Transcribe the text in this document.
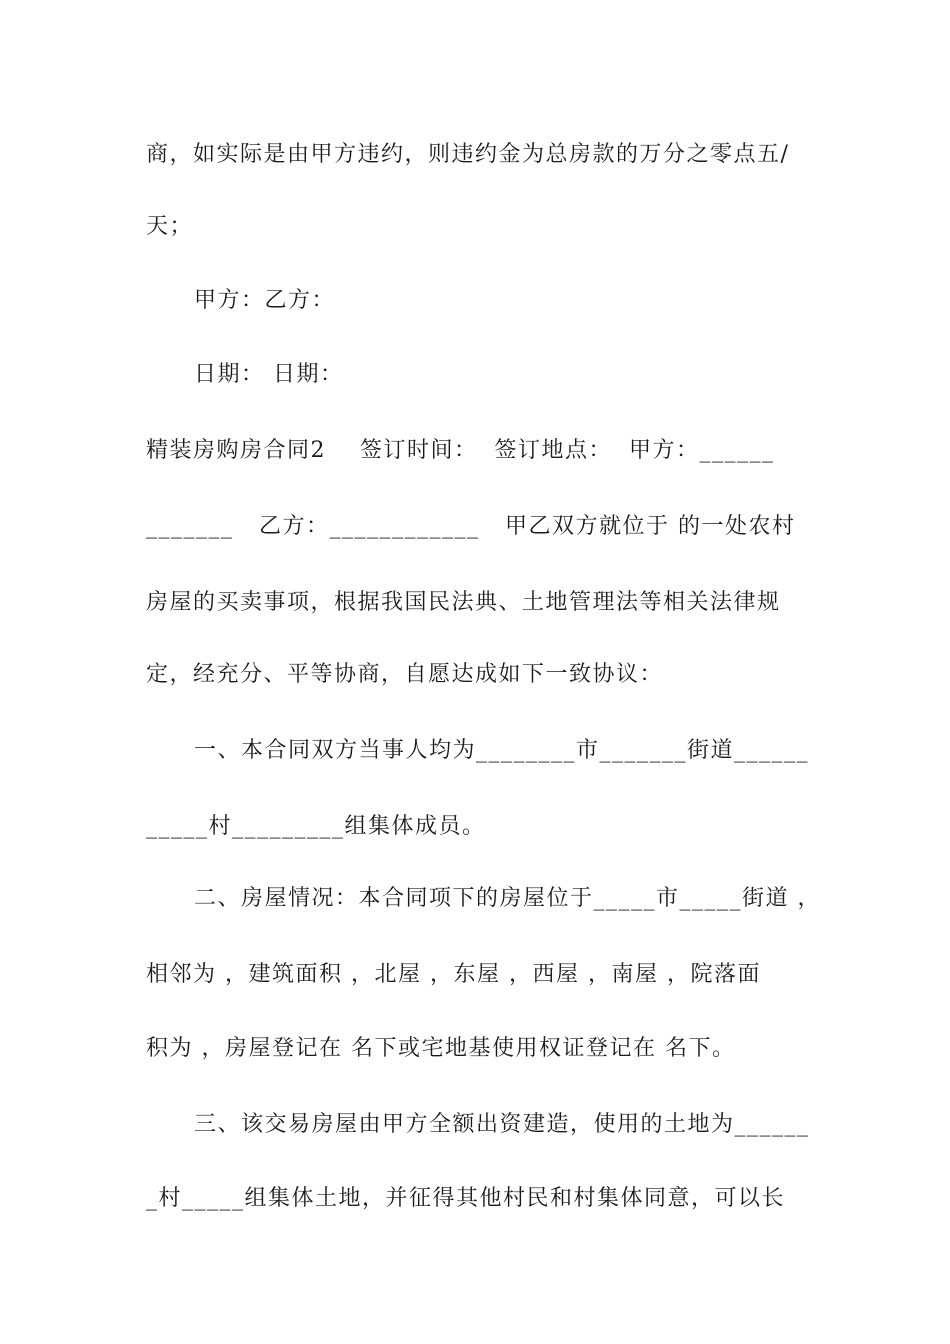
商，如实际是由甲方违约，则违约金为总房款的万分之零点五/
天；
甲方：乙方：
日期： 日期：
精装房购房合同2    签订时间：  签订地点：  甲方：______
_______   乙方：____________   甲乙双方就位于 的一处农村
房屋的买卖事项，根据我国民法典、土地管理法等相关法律规
定，经充分、平等协商，自愿达成如下一致协议：
一、本合同双方当事人均为________市_______街道______
_____村_________组集体成员。
二、房屋情况：本合同项下的房屋位于_____市_____街道 ，
相邻为 ，建筑面积 ，北屋 ，东屋 ，西屋 ，南屋 ，院落面
积为 ，房屋登记在 名下或宅地基使用权证登记在 名下。
三、该交易房屋由甲方全额出资建造，使用的土地为______
_村_____组集体土地，并征得其他村民和村集体同意，可以长
